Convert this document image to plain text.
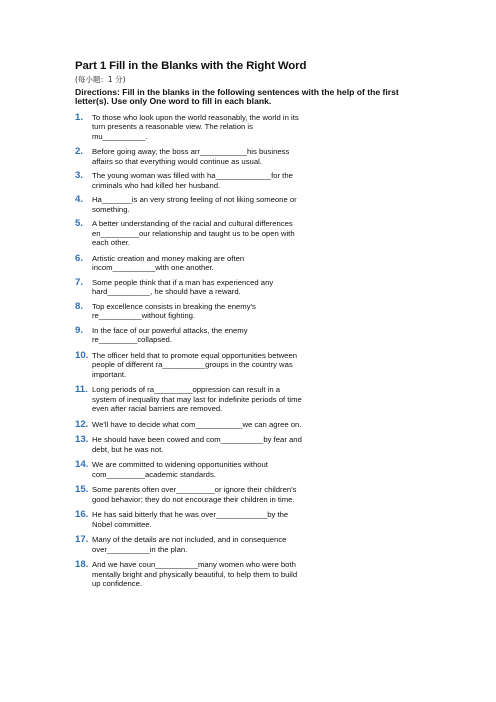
Part 1 Fill in the Blanks with the Right Word
(每小题：1 分)
Directions: Fill in the blanks in the following sentences with the help of the first letter(s). Use only One word to fill in each blank.
1.	To those who look upon the world reasonably, the world in its
turn presents a reasonable view. The relation is
mu__________.
2.	Before going away, the boss arr___________his business
affairs so that everything would continue as usual.
3.	The young woman was filled with ha_____________for the
criminals who had killed her husband.
4.	Ha_______is an very strong feeling of not liking someone or
something.
5.	A better understanding of the racial and cultural differences
en_________our relationship and taught us to be open with
each other.
6.	Artistic creation and money making are often
incom__________with one another.
7.	Some people think that if a man has experienced any
hard__________, he should have a reward.
8.	Top excellence consists in breaking the enemy's
re__________without fighting.
9.	In the face of our powerful attacks, the enemy
re_________collapsed.
10. The officer held that to promote equal opportunities between
people of different ra__________groups in the country was
important.
11. Long periods of ra_________oppression can result in a
system of inequality that may last for indefinite periods of time
even after racial barriers are removed.
12. We'll have to decide what com___________we can agree on.
13. He should have been cowed and com__________by fear and
debt, but he was not.
14. We are committed to widening opportunities without
com_________academic standards.
15. Some parents often over_________or ignore their children's
good behavior; they do not encourage their children in time.
16. He has said bitterly that he was over____________by the
Nobel committee.
17. Many of the details are not included, and in consequence
over__________in the plan.
18. And we have coun__________many women who were both
mentally bright and physically beautiful, to help them to build
up confidence.
